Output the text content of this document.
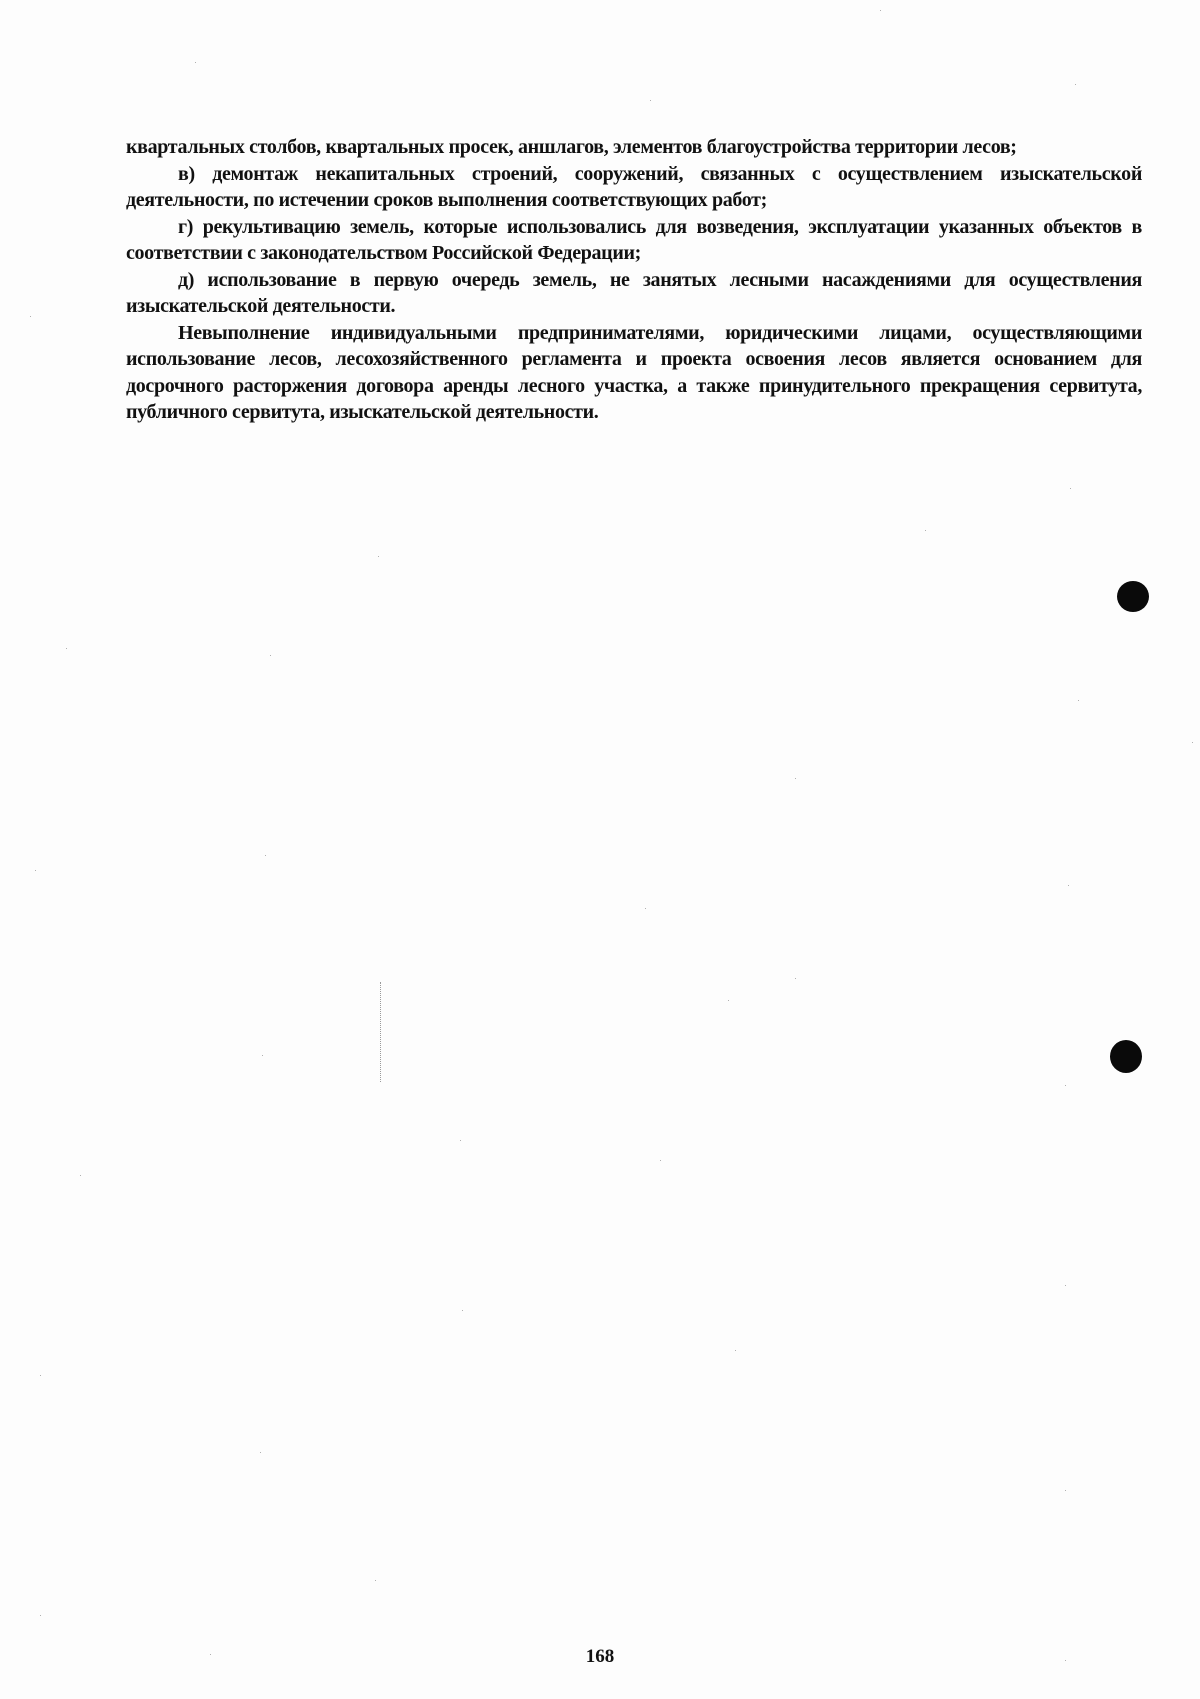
квартальных столбов, квартальных просек, аншлагов, элементов благоустройства территории лесов;

в) демонтаж некапитальных строений, сооружений, связанных с осуществлением изыскательской деятельности, по истечении сроков выполнения соответствующих работ;

г) рекультивацию земель, которые использовались для возведения, эксплуатации указанных объектов в соответствии с законодательством Российской Федерации;

д) использование в первую очередь земель, не занятых лесными насаждениями для осуществления изыскательской деятельности.

Невыполнение индивидуальными предпринимателями, юридическими лицами, осуществляющими использование лесов, лесохозяйственного регламента и проекта освоения лесов является основанием для досрочного расторжения договора аренды лесного участка, а также принудительного прекращения сервитута, публичного сервитута, изыскательской деятельности.

168
